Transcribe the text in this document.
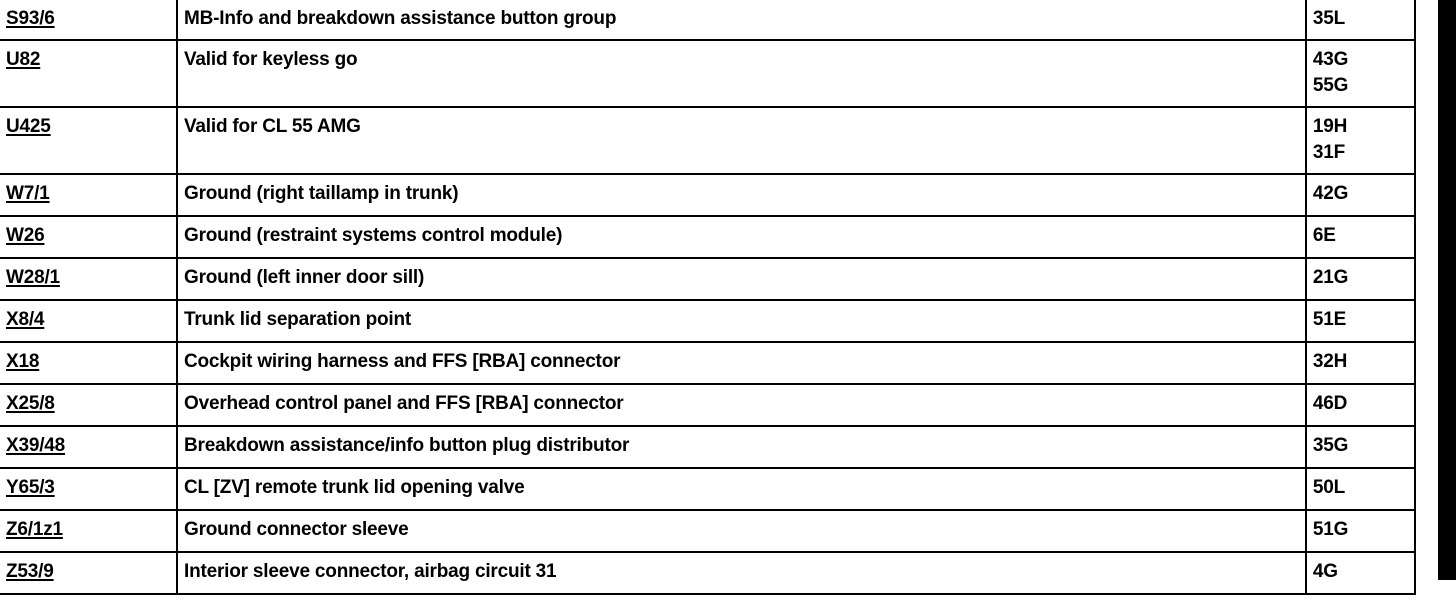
S93/6	MB-Info and breakdown assistance button group	35L

U82	Valid for keyless go	43G
55G

U425	Valid for CL 55 AMG	19H
31F

W7/1	Ground (right taillamp in trunk)	42G

W26	Ground (restraint systems control module)	6E

W28/1	Ground (left inner door sill)	21G

X8/4	Trunk lid separation point	51E

X18	Cockpit wiring harness and FFS [RBA] connector	32H

X25/8	Overhead control panel and FFS [RBA] connector	46D

X39/48	Breakdown assistance/info button plug distributor	35G

Y65/3	CL [ZV] remote trunk lid opening valve	50L

Z6/1z1	Ground connector sleeve	51G

Z53/9	Interior sleeve connector, airbag circuit 31	4G
